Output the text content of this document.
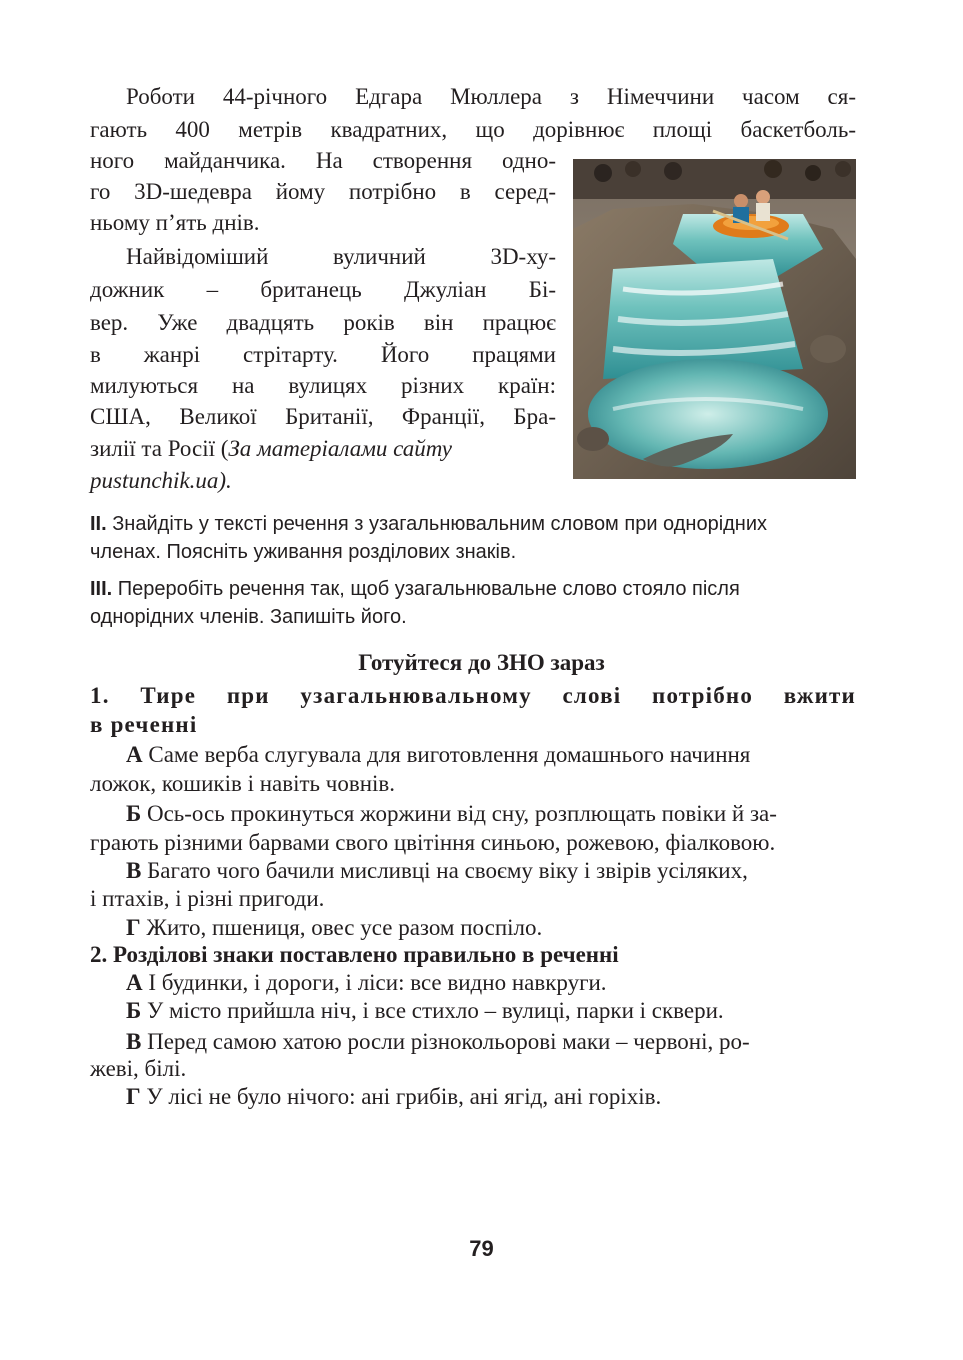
Роботи 44-річного Едгара Мюллера з Німеччини часом ся-
гають 400 метрів квадратних, що дорівнює площі баскетболь-
ного майданчика. На створення одно-
го 3D-шедевра йому потрібно в серед-
ньому п’ять днів.
Найвідоміший вуличний 3D-ху-
дожник – британець Джуліан Бі-
вер. Уже двадцять років він працює
в жанрі стрітарту. Його працями
милуються на вулицях різних країн:
США, Великої Британії, Франції, Бра-
зилії та Росії (За матеріалами сайту
pustunchik.ua).
II. Знайдіть у тексті речення з узагальнювальним словом при однорідних
членах. Поясніть уживання розділових знаків.
III. Переробіть речення так, щоб узагальнювальне слово стояло після
однорідних членів. Запишіть його.
Готуйтеся до ЗНО зараз
1. Тире при узагальнювальному слові потрібно вжити
в реченні
А Саме верба слугувала для виготовлення домашнього начиння
ложок, кошиків і навіть човнів.
Б Ось-ось прокинуться жоржини від сну, розплющать повіки й за-
грають різними барвами свого цвітіння синьою, рожевою, фіалковою.
В Багато чого бачили мисливці на своєму віку і звірів усіляких,
і птахів, і різні пригоди.
Г Жито, пшениця, овес усе разом поспіло.
2. Розділові знаки поставлено правильно в реченні
А І будинки, і дороги, і ліси: все видно навкруги.
Б У місто прийшла ніч, і все стихло – вулиці, парки і сквери.
В Перед самою хатою росли різнокольорові маки – червоні, ро-
жеві, білі.
Г У лісі не було нічого: ані грибів, ані ягід, ані горіхів.
79
